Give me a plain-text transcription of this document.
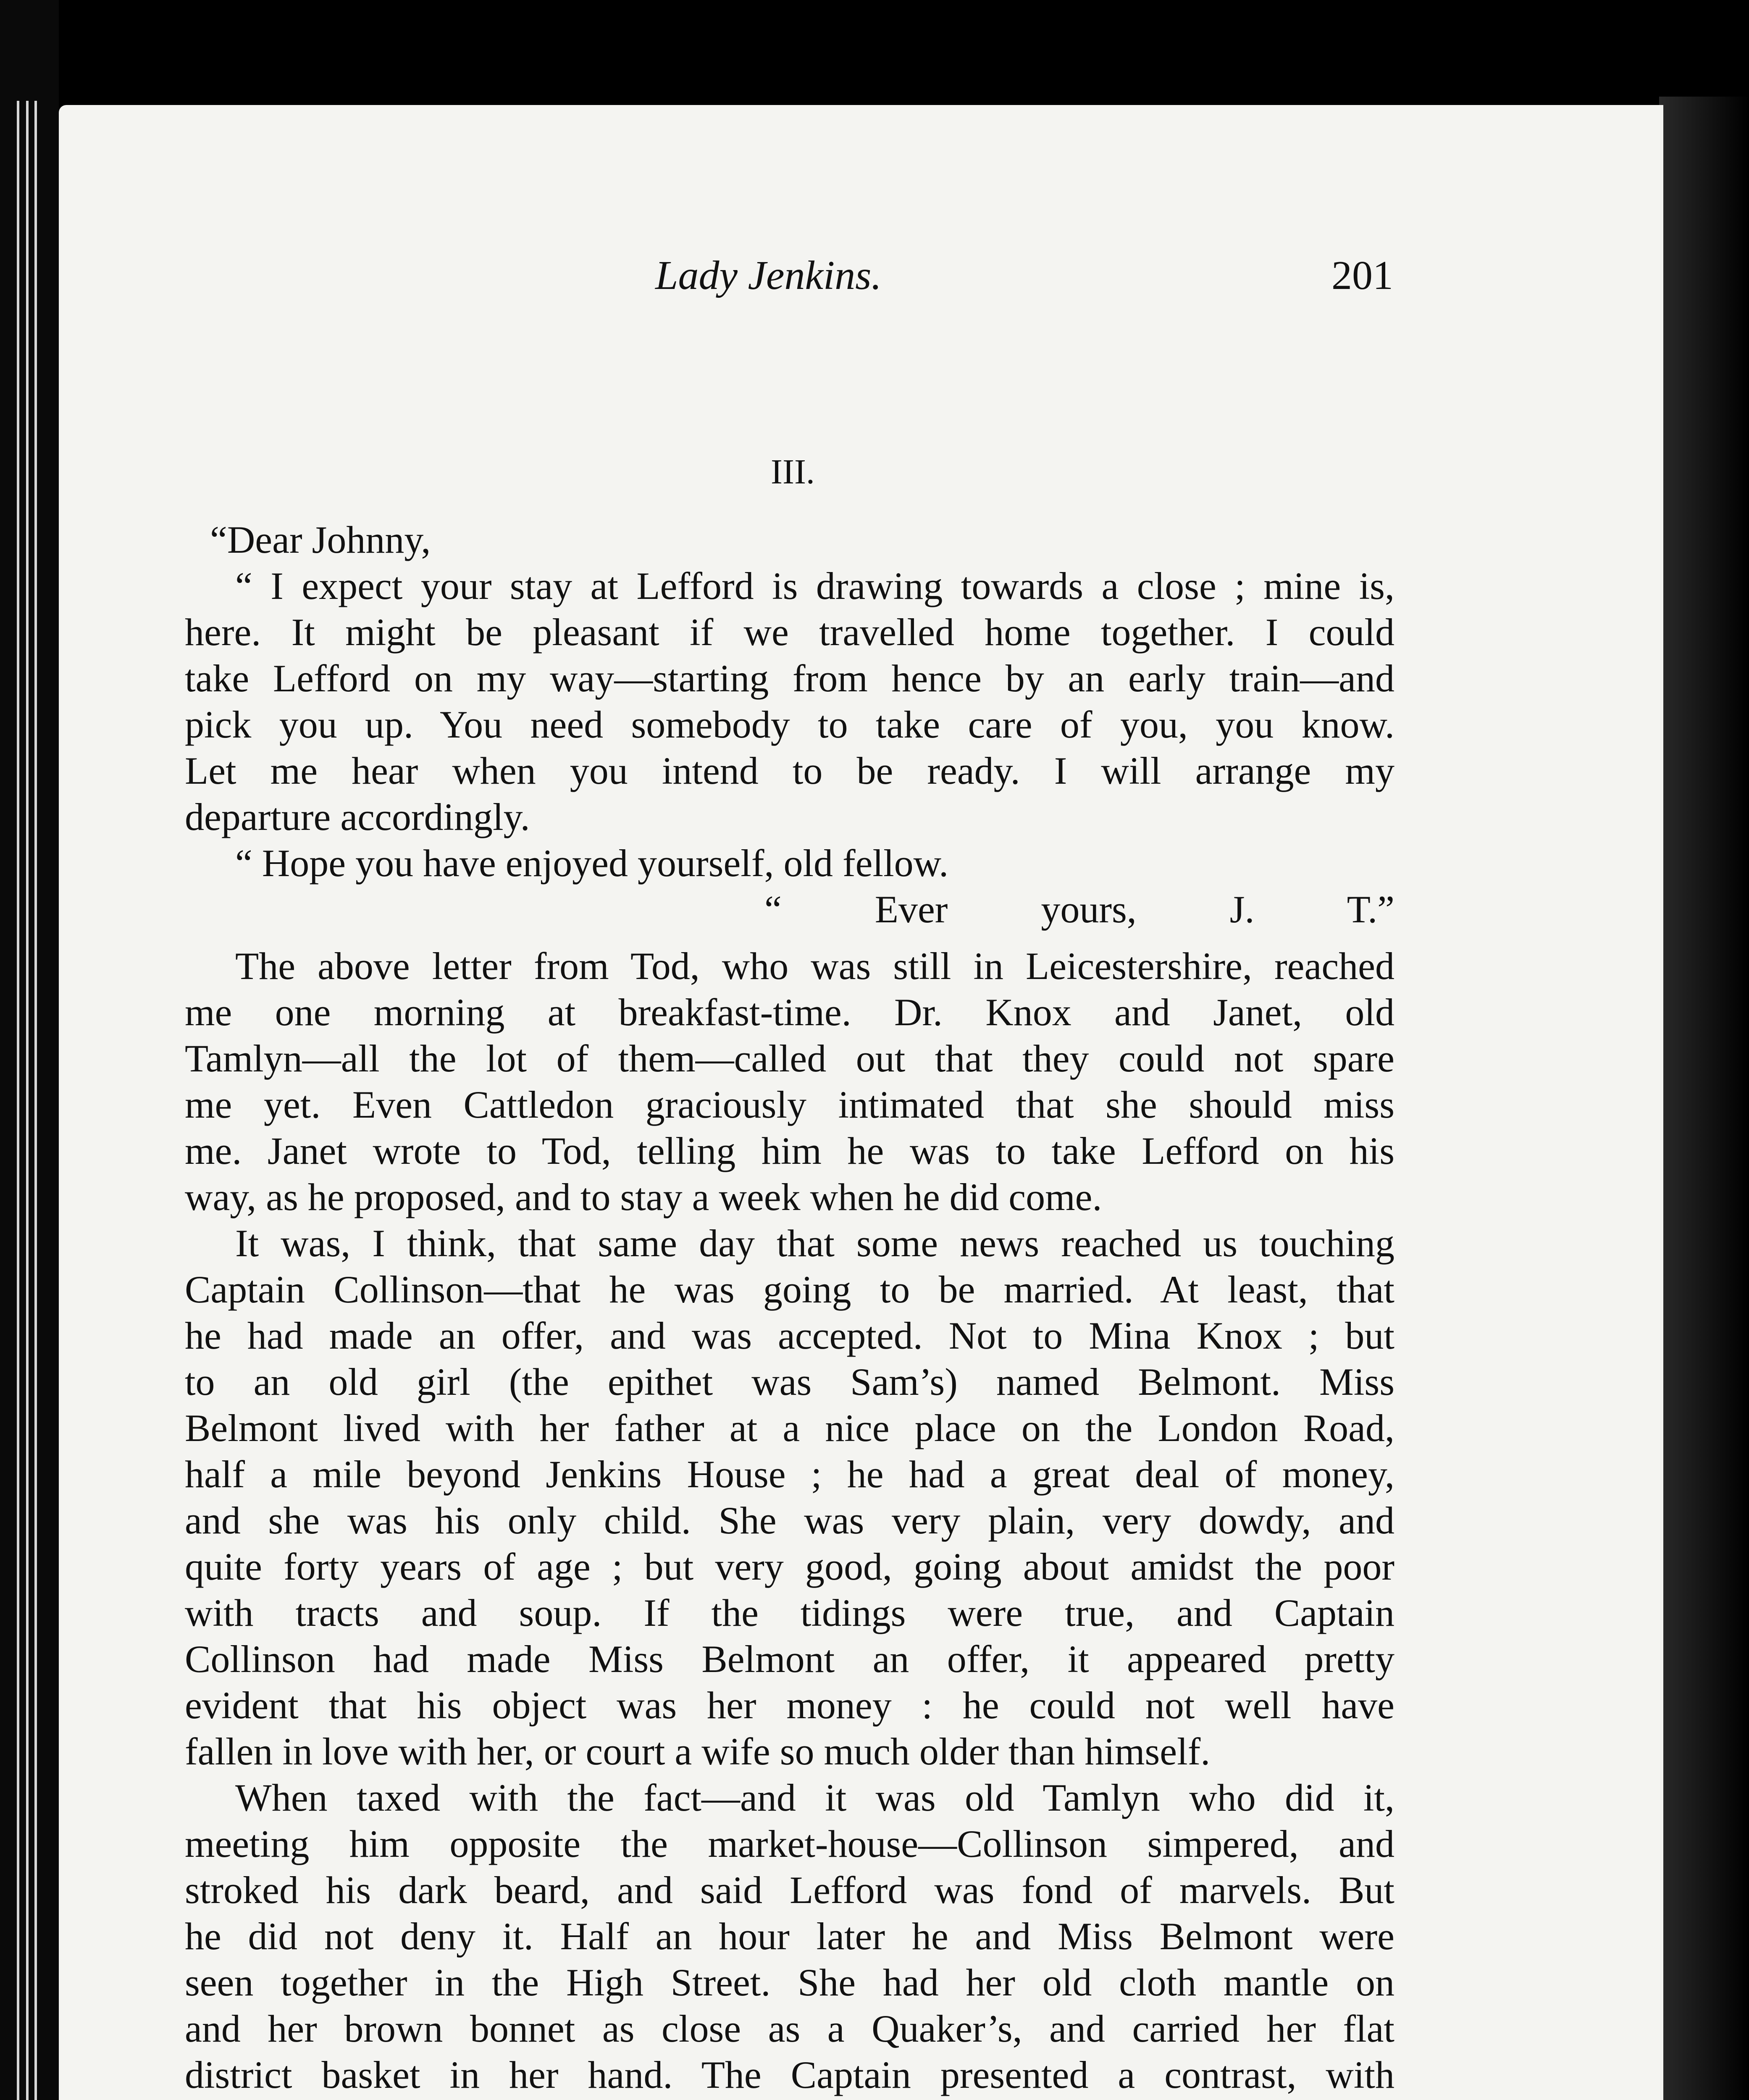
Lady Jenkins.	201
III.
“Dear Johnny,
“ I expect your stay at Lefford is drawing towards a close ; mine is,
here. It might be pleasant if we travelled home together. I could
take Lefford on my way—starting from hence by an early train—and
pick you up. You need somebody to take care of you, you know.
Let me hear when you intend to be ready. I will arrange my
departure accordingly.
“ Hope you have enjoyed yourself, old fellow.
“ Ever yours, J. T.”
The above letter from Tod, who was still in Leicestershire, reached
me one morning at breakfast-time. Dr. Knox and Janet, old
Tamlyn—all the lot of them—called out that they could not spare
me yet. Even Cattledon graciously intimated that she should miss
me. Janet wrote to Tod, telling him he was to take Lefford on his
way, as he proposed, and to stay a week when he did come.
It was, I think, that same day that some news reached us touching
Captain Collinson—that he was going to be married. At least, that
he had made an offer, and was accepted. Not to Mina Knox ; but
to an old girl (the epithet was Sam’s) named Belmont. Miss
Belmont lived with her father at a nice place on the London Road,
half a mile beyond Jenkins House ; he had a great deal of money,
and she was his only child. She was very plain, very dowdy, and
quite forty years of age ; but very good, going about amidst the poor
with tracts and soup. If the tidings were true, and Captain
Collinson had made Miss Belmont an offer, it appeared pretty
evident that his object was her money : he could not well have
fallen in love with her, or court a wife so much older than himself.
When taxed with the fact—and it was old Tamlyn who did it,
meeting him opposite the market-house—Collinson simpered, and
stroked his dark beard, and said Lefford was fond of marvels. But
he did not deny it. Half an hour later he and Miss Belmont were
seen together in the High Street. She had her old cloth mantle on
and her brown bonnet as close as a Quaker’s, and carried her flat
district basket in her hand. The Captain presented a contrast, with
